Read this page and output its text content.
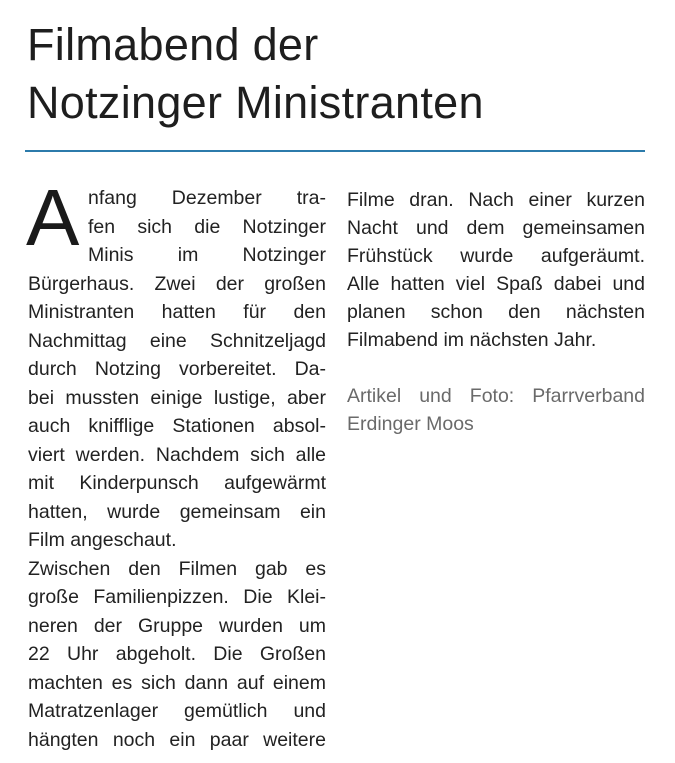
Filmabend der
Notzinger Ministranten
A nfang Dezember tra-
fen sich die Notzinger
Minis im Notzinger
Bürgerhaus. Zwei der großen
Ministranten hatten für den
Nachmittag eine Schnitzeljagd
durch Notzing vorbereitet. Da-
bei mussten einige lustige, aber
auch knifflige Stationen absol-
viert werden. Nachdem sich alle
mit Kinderpunsch aufgewärmt
hatten, wurde gemeinsam ein
Film angeschaut.
Zwischen den Filmen gab es
große Familienpizzen. Die Klei-
neren der Gruppe wurden um
22 Uhr abgeholt. Die Großen
machten es sich dann auf einem
Matratzenlager gemütlich und
hängten noch ein paar weitere
Filme dran. Nach einer kurzen
Nacht und dem gemeinsamen
Frühstück wurde aufgeräumt.
Alle hatten viel Spaß dabei und
planen schon den nächsten
Filmabend im nächsten Jahr.
Artikel und Foto: Pfarrverband
Erdinger Moos
